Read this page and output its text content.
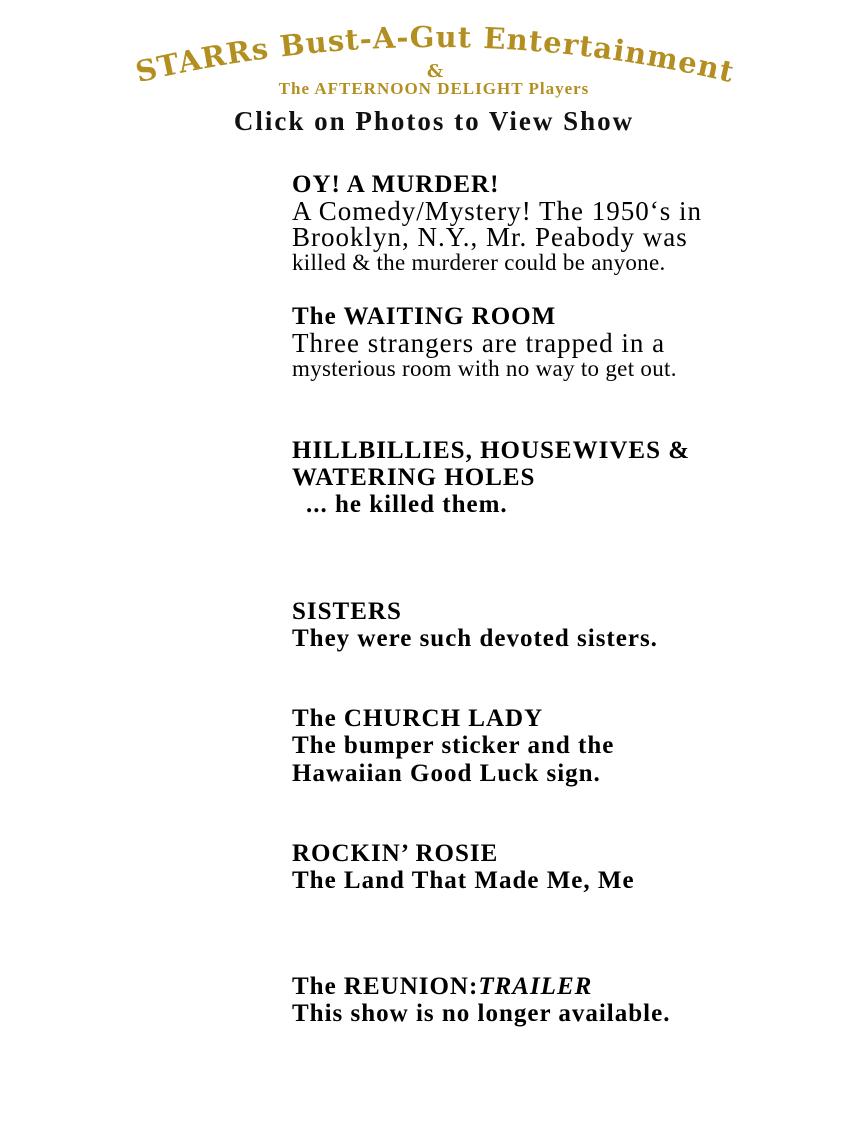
STARRs Bust-A-Gut Entertainment
&
The AFTERNOON DELIGHT Players
Click on Photos to View Show
OY! A MURDER!
A Comedy/Mystery! The 1950‘s in
Brooklyn, N.Y., Mr. Peabody was
killed & the murderer could be anyone.
The WAITING ROOM
Three strangers are trapped in a
mysterious room with no way to get out.
HILLBILLIES, HOUSEWIVES &
WATERING HOLES
... he killed them.
SISTERS
They were such devoted sisters.
The CHURCH LADY
The bumper sticker and the
Hawaiian Good Luck sign.
ROCKIN’ ROSIE
The Land That Made Me, Me
The REUNION:TRAILER
This show is no longer available.
